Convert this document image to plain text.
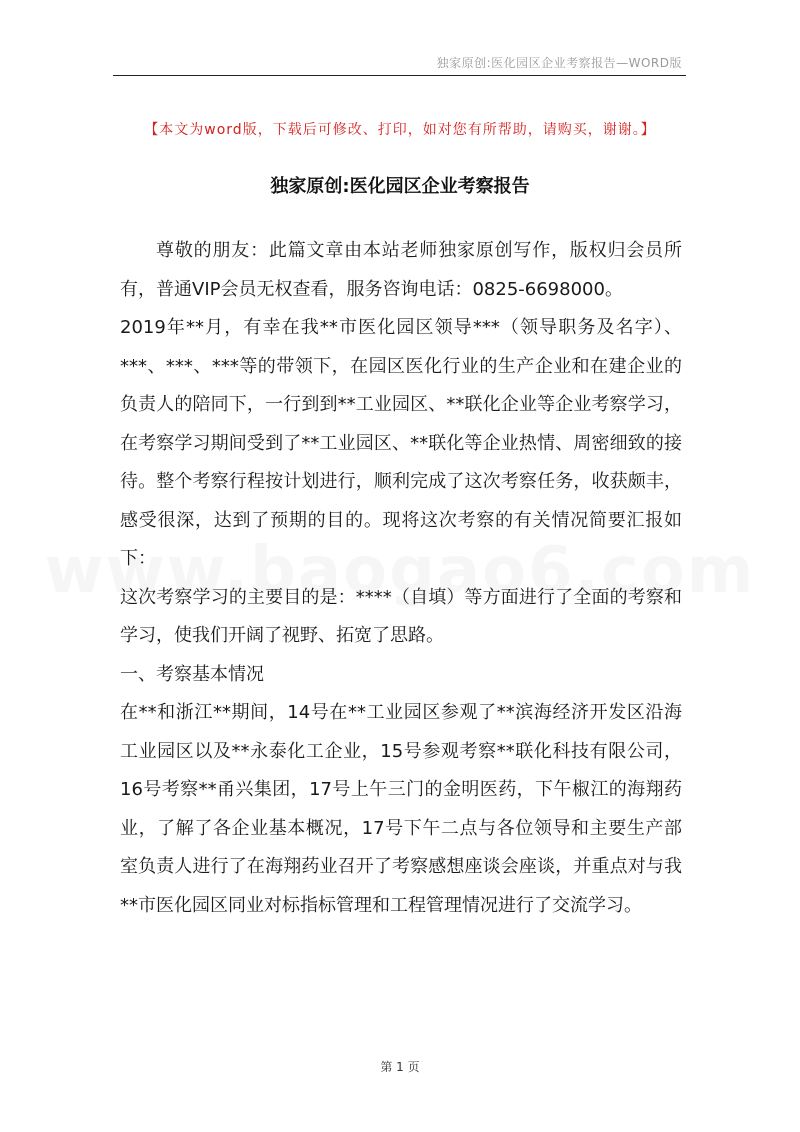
独家原创:医化园区企业考察报告—WORD版
【本文为word版，下载后可修改、打印，如对您有所帮助，请购买，谢谢。】
独家原创:医化园区企业考察报告

尊敬的朋友：此篇文章由本站老师独家原创写作，版权归会员所有，普通VIP会员无权查看，服务咨询电话：0825-6698000。

2019年**月，有幸在我**市医化园区领导***（领导职务及名字）、***、***、***等的带领下，在园区医化行业的生产企业和在建企业的负责人的陪同下，一行到到**工业园区、**联化企业等企业考察学习，在考察学习期间受到了**工业园区、**联化等企业热情、周密细致的接待。整个考察行程按计划进行，顺利完成了这次考察任务，收获颇丰，感受很深，达到了预期的目的。现将这次考察的有关情况简要汇报如下：

这次考察学习的主要目的是：****（自填）等方面进行了全面的考察和学习，使我们开阔了视野、拓宽了思路。

一、考察基本情况

在**和浙江**期间，14号在**工业园区参观了**滨海经济开发区沿海工业园区以及**永泰化工企业，15号参观考察**联化科技有限公司，16号考察**甬兴集团，17号上午三门的金明医药，下午椒江的海翔药业，了解了各企业基本概况，17号下午二点与各位领导和主要生产部室负责人进行了在海翔药业召开了考察感想座谈会座谈，并重点对与我**市医化园区同业对标指标管理和工程管理情况进行了交流学习。

第 1 页
